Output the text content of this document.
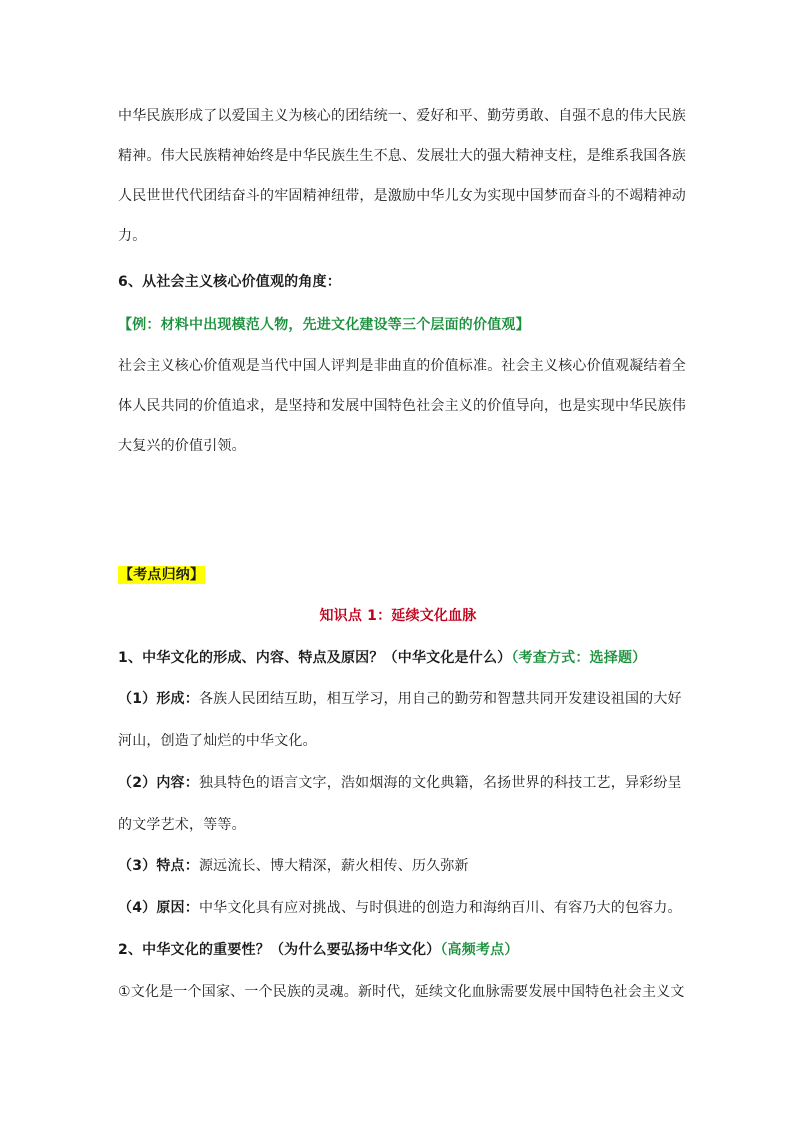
中华民族形成了以爱国主义为核心的团结统一、爱好和平、勤劳勇敢、自强不息的伟大民族
精神。伟大民族精神始终是中华民族生生不息、发展壮大的强大精神支柱，是维系我国各族
人民世世代代团结奋斗的牢固精神纽带，是激励中华儿女为实现中国梦而奋斗的不竭精神动
力。
6、从社会主义核心价值观的角度：
【例：材料中出现模范人物，先进文化建设等三个层面的价值观】
社会主义核心价值观是当代中国人评判是非曲直的价值标准。社会主义核心价值观凝结着全
体人民共同的价值追求，是坚持和发展中国特色社会主义的价值导向，也是实现中华民族伟
大复兴的价值引领。
【考点归纳】
知识点 1：延续文化血脉
1、中华文化的形成、内容、特点及原因？（中华文化是什么）（考查方式：选择题）
（1）形成：各族人民团结互助，相互学习，用自己的勤劳和智慧共同开发建设祖国的大好
河山，创造了灿烂的中华文化。
（2）内容：独具特色的语言文字，浩如烟海的文化典籍，名扬世界的科技工艺，异彩纷呈
的文学艺术，等等。
（3）特点：源远流长、博大精深，薪火相传、历久弥新
（4）原因：中华文化具有应对挑战、与时俱进的创造力和海纳百川、有容乃大的包容力。
2、中华文化的重要性？（为什么要弘扬中华文化）（高频考点）
①文化是一个国家、一个民族的灵魂。新时代，延续文化血脉需要发展中国特色社会主义文
